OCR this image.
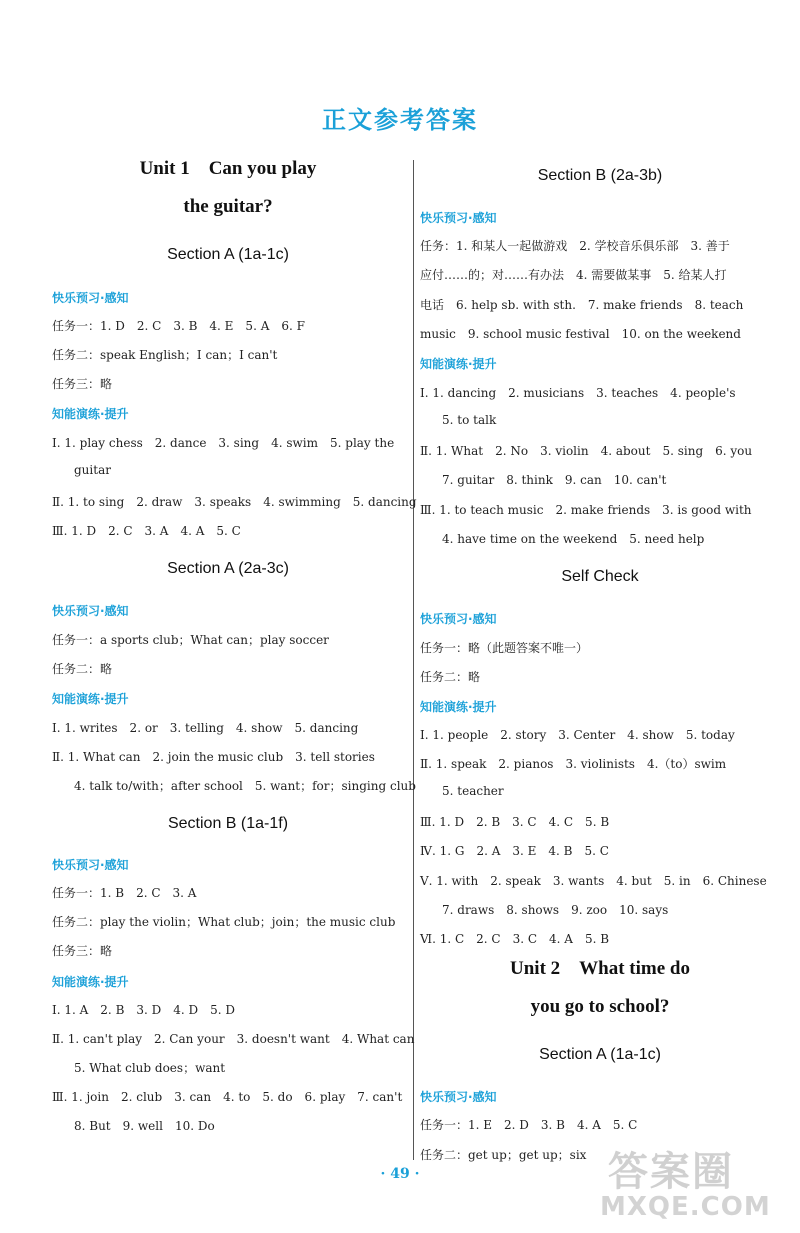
正文参考答案
Unit 1　Can you play
the guitar?
Section A (1a-1c)
快乐预习·感知
任务一：1. D　2. C　3. B　4. E　5. A　6. F
任务二：speak English；I can；I can't
任务三：略
知能演练·提升
Ⅰ. 1. play chess　2. dance　3. sing　4. swim　5. play the
guitar
Ⅱ. 1. to sing　2. draw　3. speaks　4. swimming　5. dancing
Ⅲ. 1. D　2. C　3. A　4. A　5. C
Section A (2a-3c)
快乐预习·感知
任务一：a sports club；What can；play soccer
任务二：略
知能演练·提升
Ⅰ. 1. writes　2. or　3. telling　4. show　5. dancing
Ⅱ. 1. What can　2. join the music club　3. tell stories
4. talk to/with；after school　5. want；for；singing club
Section B (1a-1f)
快乐预习·感知
任务一：1. B　2. C　3. A
任务二：play the violin；What club；join；the music club
任务三：略
知能演练·提升
Ⅰ. 1. A　2. B　3. D　4. D　5. D
Ⅱ. 1. can't play　2. Can your　3. doesn't want　4. What can
5. What club does；want
Ⅲ. 1. join　2. club　3. can　4. to　5. do　6. play　7. can't
8. But　9. well　10. Do
Section B (2a-3b)
快乐预习·感知
任务：1. 和某人一起做游戏　2. 学校音乐俱乐部　3. 善于
应付……的；对……有办法　4. 需要做某事　5. 给某人打
电话　6. help sb. with sth.　7. make friends　8. teach
music　9. school music festival　10. on the weekend
知能演练·提升
Ⅰ. 1. dancing　2. musicians　3. teaches　4. people's
5. to talk
Ⅱ. 1. What　2. No　3. violin　4. about　5. sing　6. you
7. guitar　8. think　9. can　10. can't
Ⅲ. 1. to teach music　2. make friends　3. is good with
4. have time on the weekend　5. need help
Self Check
快乐预习·感知
任务一：略（此题答案不唯一）
任务二：略
知能演练·提升
Ⅰ. 1. people　2. story　3. Center　4. show　5. today
Ⅱ. 1. speak　2. pianos　3. violinists　4.（to）swim
5. teacher
Ⅲ. 1. D　2. B　3. C　4. C　5. B
Ⅳ. 1. G　2. A　3. E　4. B　5. C
Ⅴ. 1. with　2. speak　3. wants　4. but　5. in　6. Chinese
7. draws　8. shows　9. zoo　10. says
Ⅵ. 1. C　2. C　3. C　4. A　5. B
Unit 2　What time do
you go to school?
Section A (1a-1c)
快乐预习·感知
任务一：1. E　2. D　3. B　4. A　5. C
任务二：get up；get up；six
· 49 ·	答案圈
MXQE.COM
